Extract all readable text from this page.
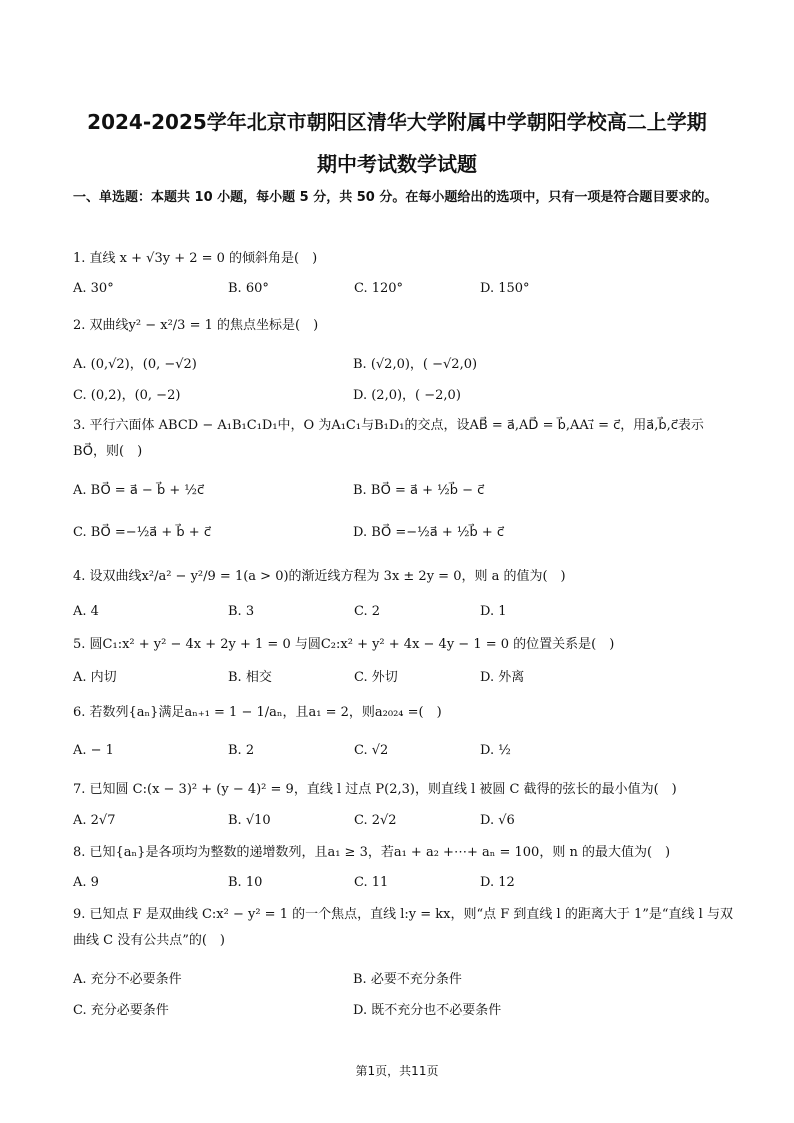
2024-2025学年北京市朝阳区清华大学附属中学朝阳学校高二上学期
期中考试数学试题
一、单选题：本题共 10 小题，每小题 5 分，共 50 分。在每小题给出的选项中，只有一项是符合题目要求的。
1. 直线 x + √3y + 2 = 0 的倾斜角是(　)
A. 30°	B. 60°	C. 120°	D. 150°
2. 双曲线y² − x²/3 = 1 的焦点坐标是(　)
A. (0,√2)，(0, −√2)	B. (√2,0)，( −√2,0)
C. (0,2)，(0, −2)	D. (2,0)，( −2,0)
3. 平行六面体 ABCD − A₁B₁C₁D₁中，O 为A₁C₁与B₁D₁的交点，设AB⃗ = a⃗,AD⃗ = b⃗,AA₁⃗ = c⃗，用a⃗,b⃗,c⃗表示BO⃗，则(　)
A. BO⃗ = a⃗ − b⃗ + ½c⃗	B. BO⃗ = a⃗ + ½b⃗ − c⃗
C. BO⃗ =−½a⃗ + b⃗ + c⃗	D. BO⃗ =−½a⃗ + ½b⃗ + c⃗
4. 设双曲线x²/a² − y²/9 = 1(a > 0)的渐近线方程为 3x ± 2y = 0，则 a 的值为(　)
A. 4	B. 3	C. 2	D. 1
5. 圆C₁:x² + y² − 4x + 2y + 1 = 0 与圆C₂:x² + y² + 4x − 4y − 1 = 0 的位置关系是(　)
A. 内切	B. 相交	C. 外切	D. 外离
6. 若数列{aₙ}满足aₙ₊₁ = 1 − 1/aₙ，且a₁ = 2，则a₂₀₂₄ =(　)
A. − 1	B. 2	C. √2	D. ½
7. 已知圆 C:(x − 3)² + (y − 4)² = 9，直线 l 过点 P(2,3)，则直线 l 被圆 C 截得的弦长的最小值为(　)
A. 2√7	B. √10	C. 2√2	D. √6
8. 已知{aₙ}是各项均为整数的递增数列，且a₁ ≥ 3，若a₁ + a₂ +⋯+ aₙ = 100，则 n 的最大值为(　)
A. 9	B. 10	C. 11	D. 12
9. 已知点 F 是双曲线 C:x² − y² = 1 的一个焦点，直线 l:y = kx，则“点 F 到直线 l 的距离大于 1”是“直线 l 与双曲线 C 没有公共点”的(　)
A. 充分不必要条件	B. 必要不充分条件
C. 充分必要条件	D. 既不充分也不必要条件
第1页，共11页
